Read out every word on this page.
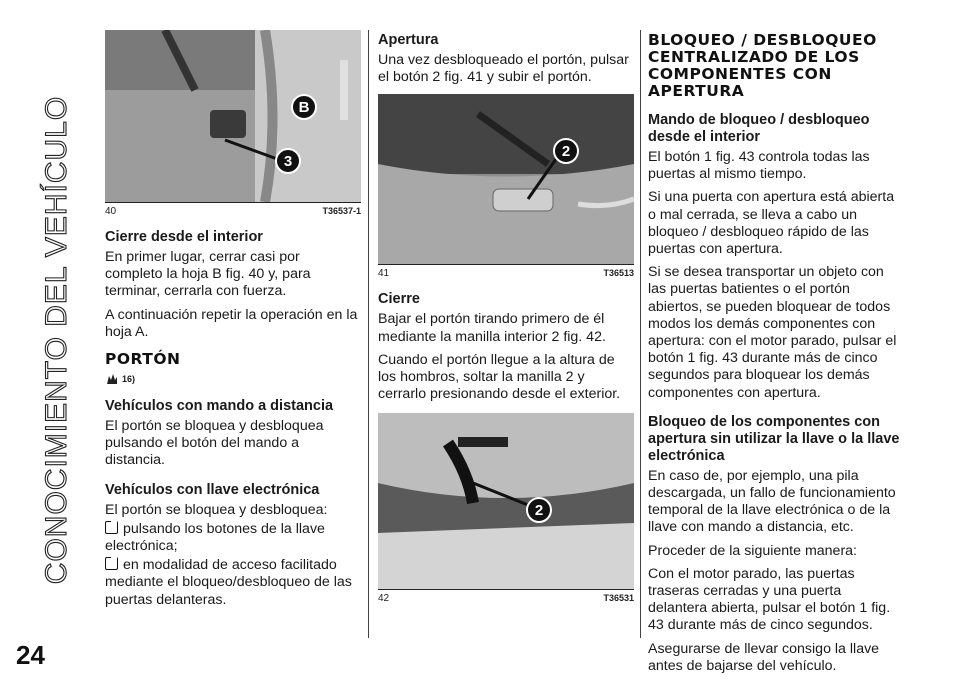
CONOCIMIENTO DEL VEHÍCULO
24
B
3
40	T36537-1
Cierre desde el interior

En primer lugar, cerrar casi por completo la hoja B fig. 40 y, para terminar, cerrarla con fuerza.

A continuación repetir la operación en la hoja A.

PORTÓN
16)
Vehículos con mando a distancia

El portón se bloquea y desbloquea pulsando el botón del mando a distancia.

Vehículos con llave electrónica

El portón se bloquea y desbloquea:

pulsando los botones de la llave electrónica;

en modalidad de acceso facilitado mediante el bloqueo/desbloqueo de las puertas delanteras.

Apertura

Una vez desbloqueado el portón, pulsar el botón 2 fig. 41 y subir el portón.

2
41	T36513
Cierre

Bajar el portón tirando primero de él mediante la manilla interior 2 fig. 42.

Cuando el portón llegue a la altura de los hombros, soltar la manilla 2 y cerrarlo presionando desde el exterior.

2
42	T36531
BLOQUEO / DESBLOQUEO CENTRALIZADO DE LOS COMPONENTES CON APERTURA
Mando de bloqueo / desbloqueo desde el interior

El botón 1 fig. 43 controla todas las puertas al mismo tiempo.

Si una puerta con apertura está abierta o mal cerrada, se lleva a cabo un bloqueo / desbloqueo rápido de las puertas con apertura.

Si se desea transportar un objeto con las puertas batientes o el portón abiertos, se pueden bloquear de todos modos los demás componentes con apertura: con el motor parado, pulsar el botón 1 fig. 43 durante más de cinco segundos para bloquear los demás componentes con apertura.

Bloqueo de los componentes con apertura sin utilizar la llave o la llave electrónica

En caso de, por ejemplo, una pila descargada, un fallo de funcionamiento temporal de la llave electrónica o de la llave con mando a distancia, etc.

Proceder de la siguiente manera:

Con el motor parado, las puertas traseras cerradas y una puerta delantera abierta, pulsar el botón 1 fig. 43 durante más de cinco segundos.

Asegurarse de llevar consigo la llave antes de bajarse del vehículo.
